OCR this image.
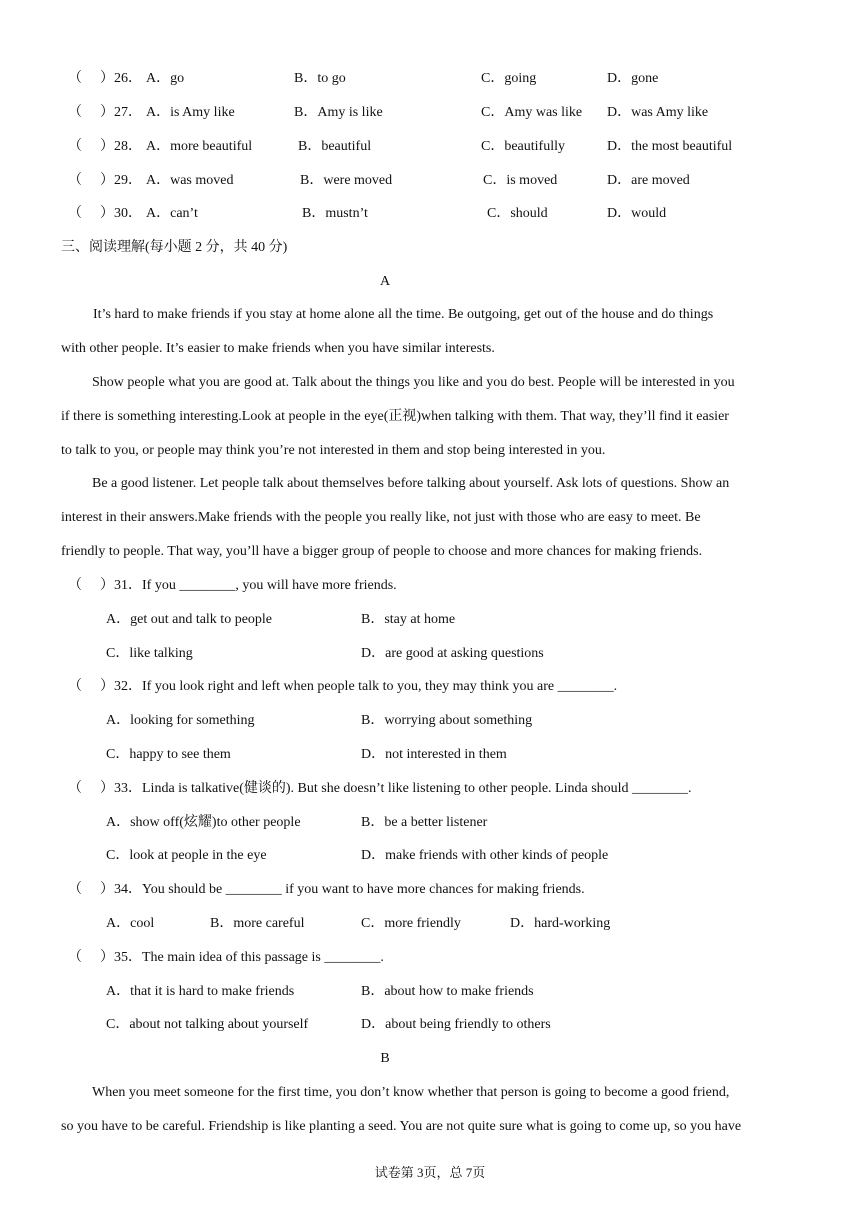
（ ）26． A．go	B．to go	C．going	D．gone
（ ）27． A．is Amy like	B．Amy is like	C．Amy was like D．was Amy like
（ ）28． A．more beautiful	B．beautiful	C．beautifully	D．the most beautiful
（ ）29． A．was moved	B．were moved	C．is moved	D．are moved
（ ）30． A．can’t	B．mustn’t	C．should	D．would
三、阅读理解(每小题 2 分，共 40 分)
A
It’s hard to make friends if you stay at home alone all the time. Be outgoing, get out of the house and do things
with other people. It’s easier to make friends when you have similar interests.
Show people what you are good at. Talk about the things you like and you do best. People will be interested in you
if there is something interesting.Look at people in the eye(正视)when talking with them. That way, they’ll find it easier
to talk to you, or people may think you’re not interested in them and stop being interested in you.
Be a good listener. Let people talk about themselves before talking about yourself. Ask lots of questions. Show an
interest in their answers.Make friends with the people you really like, not just with those who are easy to meet. Be
friendly to people. That way, you’ll have a bigger group of people to choose and more chances for making friends.
（ ）31．If you ________, you will have more friends.
A．get out and talk to people	B．stay at home
C．like talking	D．are good at asking questions
（ ）32．If you look right and left when people talk to you, they may think you are ________.
A．looking for something	B．worrying about something
C．happy to see them	D．not interested in them
（ ）33．Linda is talkative(健谈的). But she doesn’t like listening to other people. Linda should ________.
A．show off(炫耀)to other people	B．be a better listener
C．look at people in the eye	D．make friends with other kinds of people
（ ）34．You should be ________ if you want to have more chances for making friends.
A．cool	B．more careful	C．more friendly	D．hard-working
（ ）35．The main idea of this passage is ________.
A．that it is hard to make friends	B．about how to make friends
C．about not talking about yourself	D．about being friendly to others
B
When you meet someone for the first time, you don’t know whether that person is going to become a good friend,
so you have to be careful. Friendship is like planting a seed. You are not quite sure what is going to come up, so you have
试卷第 3页，总 7页
